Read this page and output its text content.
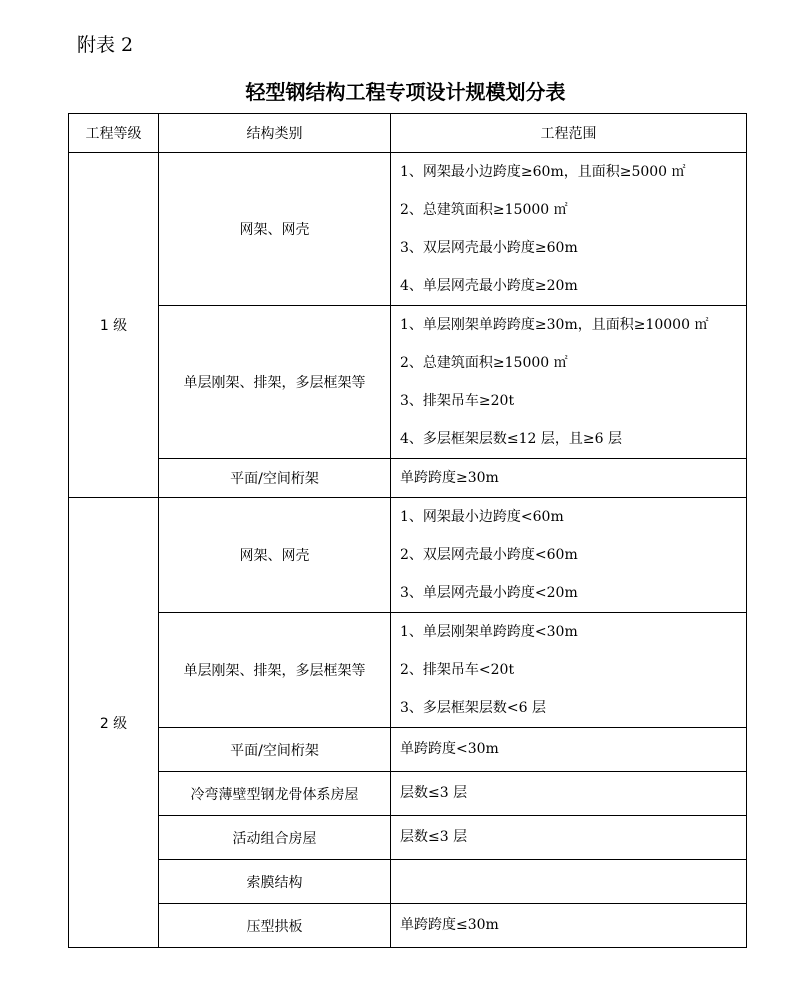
附表 2
轻型钢结构工程专项设计规模划分表
工程等级	结构类别	工程范围
1 级	网架、网壳	1、网架最小边跨度≥60m，且面积≥5000 ㎡
2、总建筑面积≥15000 ㎡
3、双层网壳最小跨度≥60m
4、单层网壳最小跨度≥20m

	单层刚架、排架，多层框架等	1、单层刚架单跨跨度≥30m，且面积≥10000 ㎡
2、总建筑面积≥15000 ㎡
3、排架吊车≥20t
4、多层框架层数≤12 层，且≥6 层

	平面/空间桁架	单跨跨度≥30m

2 级	网架、网壳	1、网架最小边跨度<60m
2、双层网壳最小跨度<60m
3、单层网壳最小跨度<20m

	单层刚架、排架，多层框架等	1、单层刚架单跨跨度<30m
2、排架吊车<20t
3、多层框架层数<6 层

	平面/空间桁架	单跨跨度<30m

	冷弯薄壁型钢龙骨体系房屋	层数≤3 层

	活动组合房屋	层数≤3 层

	索膜结构	

	压型拱板	单跨跨度≤30m
